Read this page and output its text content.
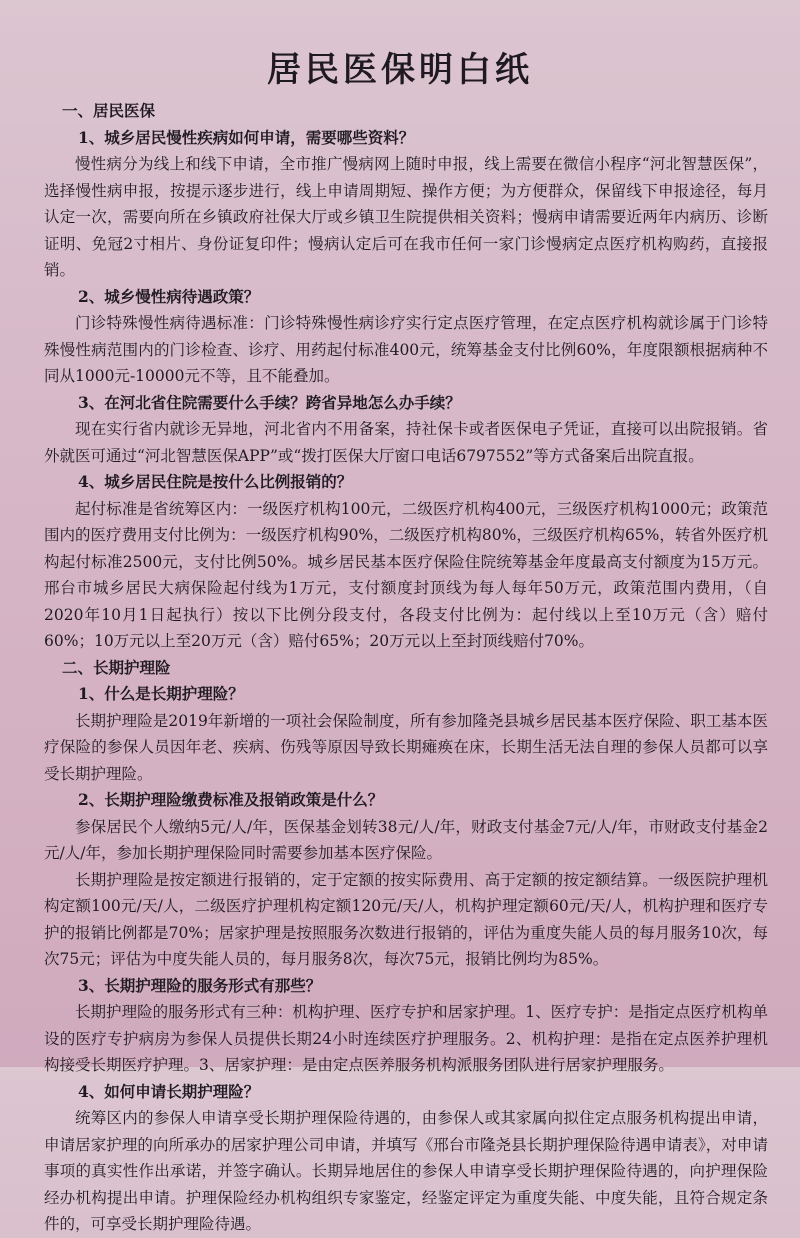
居民医保明白纸
一、居民医保
1、城乡居民慢性疾病如何申请，需要哪些资料？

慢性病分为线上和线下申请，全市推广慢病网上随时申报，线上需要在微信小程序“河北智慧医保”，选择慢性病申报，按提示逐步进行，线上申请周期短、操作方便；为方便群众，保留线下申报途径，每月认定一次，需要向所在乡镇政府社保大厅或乡镇卫生院提供相关资料；慢病申请需要近两年内病历、诊断证明、免冠2寸相片、身份证复印件；慢病认定后可在我市任何一家门诊慢病定点医疗机构购药，直接报销。

2、城乡慢性病待遇政策？

门诊特殊慢性病待遇标准：门诊特殊慢性病诊疗实行定点医疗管理，在定点医疗机构就诊属于门诊特殊慢性病范围内的门诊检查、诊疗、用药起付标准400元，统筹基金支付比例60%，年度限额根据病种不同从1000元-10000元不等，且不能叠加。

3、在河北省住院需要什么手续？跨省异地怎么办手续？

现在实行省内就诊无异地，河北省内不用备案，持社保卡或者医保电子凭证，直接可以出院报销。省外就医可通过“河北智慧医保APP”或“拨打医保大厅窗口电话6797552”等方式备案后出院直报。

4、城乡居民住院是按什么比例报销的？

起付标准是省统筹区内：一级医疗机构100元，二级医疗机构400元，三级医疗机构1000元；政策范围内的医疗费用支付比例为：一级医疗机构90%，二级医疗机构80%，三级医疗机构65%，转省外医疗机构起付标准2500元，支付比例50%。城乡居民基本医疗保险住院统筹基金年度最高支付额度为15万元。邢台市城乡居民大病保险起付线为1万元，支付额度封顶线为每人每年50万元，政策范围内费用，（自2020年10月1日起执行）按以下比例分段支付，各段支付比例为：起付线以上至10万元（含）赔付60%；10万元以上至20万元（含）赔付65%；20万元以上至封顶线赔付70%。

二、长期护理险
1、什么是长期护理险？

长期护理险是2019年新增的一项社会保险制度，所有参加隆尧县城乡居民基本医疗保险、职工基本医疗保险的参保人员因年老、疾病、伤残等原因导致长期瘫痪在床，长期生活无法自理的参保人员都可以享受长期护理险。

2、长期护理险缴费标准及报销政策是什么？

参保居民个人缴纳5元/人/年，医保基金划转38元/人/年，财政支付基金7元/人/年，市财政支付基金2元/人/年，参加长期护理保险同时需要参加基本医疗保险。

长期护理险是按定额进行报销的，定于定额的按实际费用、高于定额的按定额结算。一级医院护理机构定额100元/天/人，二级医疗护理机构定额120元/天/人，机构护理定额60元/天/人，机构护理和医疗专护的报销比例都是70%；居家护理是按照服务次数进行报销的，评估为重度失能人员的每月服务10次，每次75元；评估为中度失能人员的，每月服务8次，每次75元，报销比例均为85%。

3、长期护理险的服务形式有那些？

长期护理险的服务形式有三种：机构护理、医疗专护和居家护理。1、医疗专护：是指定点医疗机构单设的医疗专护病房为参保人员提供长期24小时连续医疗护理服务。2、机构护理：是指在定点医养护理机构接受长期医疗护理。3、居家护理：是由定点医养服务机构派服务团队进行居家护理服务。

4、如何申请长期护理险？

统筹区内的参保人申请享受长期护理保险待遇的，由参保人或其家属向拟住定点服务机构提出申请，申请居家护理的向所承办的居家护理公司申请，并填写《邢台市隆尧县长期护理保险待遇申请表》，对申请事项的真实性作出承诺，并签字确认。长期异地居住的参保人申请享受长期护理保险待遇的，向护理保险经办机构提出申请。护理保险经办机构组织专家鉴定，经鉴定评定为重度失能、中度失能，且符合规定条件的，可享受长期护理险待遇。
